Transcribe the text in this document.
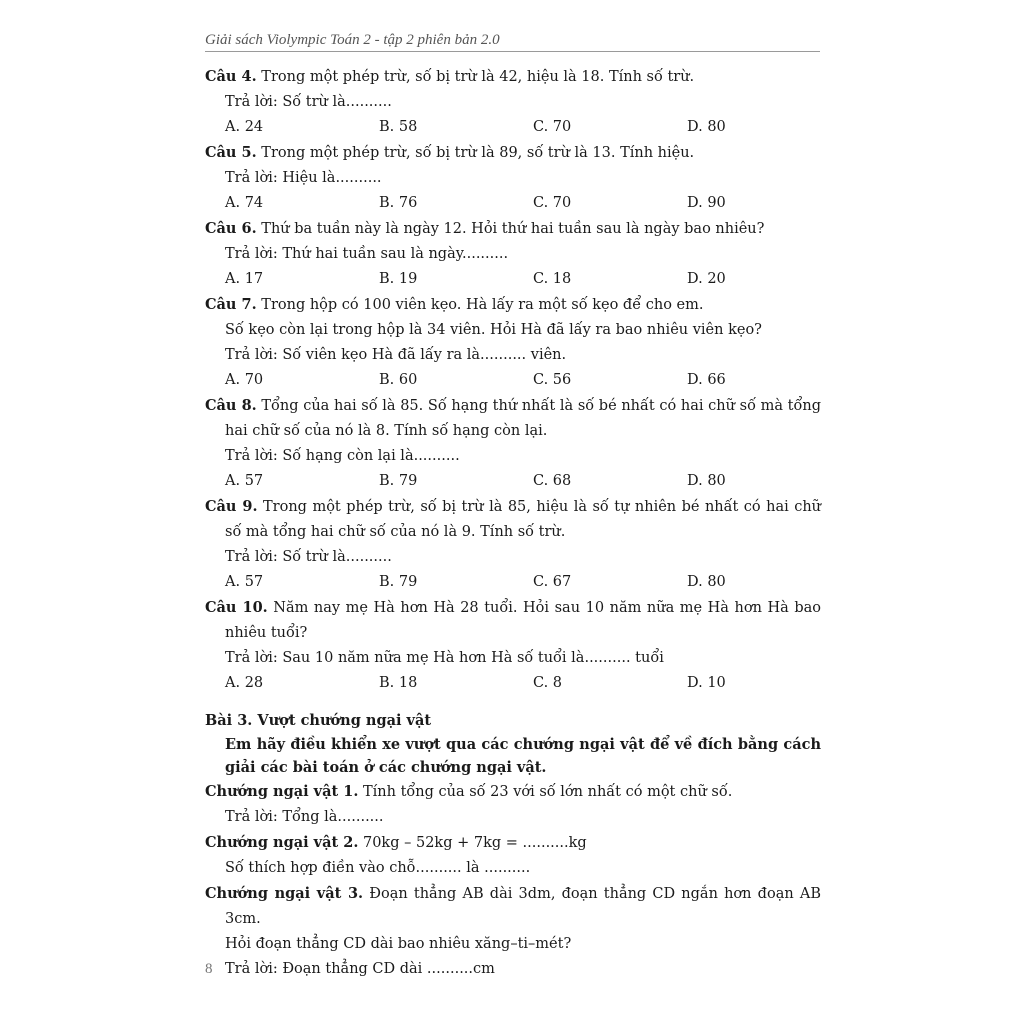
Giải sách Violympic Toán 2 - tập 2 phiên bản 2.0
Câu 4. Trong một phép trừ, số bị trừ là 42, hiệu là 18. Tính số trừ.
Trả lời: Số trừ là..........
A. 24	B. 58	C. 70	D. 80
Câu 5. Trong một phép trừ, số bị trừ là 89, số trừ là 13. Tính hiệu.
Trả lời: Hiệu là..........
A. 74	B. 76	C. 70	D. 90
Câu 6. Thứ ba tuần này là ngày 12. Hỏi thứ hai tuần sau là ngày bao nhiêu?
Trả lời: Thứ hai tuần sau là ngày..........
A. 17	B. 19	C. 18	D. 20
Câu 7. Trong hộp có 100 viên kẹo. Hà lấy ra một số kẹo để cho em.
Số kẹo còn lại trong hộp là 34 viên. Hỏi Hà đã lấy ra bao nhiêu viên kẹo?
Trả lời: Số viên kẹo Hà đã lấy ra là.......... viên.
A. 70	B. 60	C. 56	D. 66
Câu 8. Tổng của hai số là 85. Số hạng thứ nhất là số bé nhất có hai chữ số mà tổng hai chữ số của nó là 8. Tính số hạng còn lại.
Trả lời: Số hạng còn lại là..........
A. 57	B. 79	C. 68	D. 80
Câu 9. Trong một phép trừ, số bị trừ là 85, hiệu là số tự nhiên bé nhất có hai chữ số mà tổng hai chữ số của nó là 9. Tính số trừ.
Trả lời: Số trừ là..........
A. 57	B. 79	C. 67	D. 80
Câu 10. Năm nay mẹ Hà hơn Hà 28 tuổi. Hỏi sau 10 năm nữa mẹ Hà hơn Hà bao nhiêu tuổi?
Trả lời: Sau 10 năm nữa mẹ Hà hơn Hà số tuổi là.......... tuổi
A. 28	B. 18	C. 8	D. 10
Bài 3. Vượt chướng ngại vật
Em hãy điều khiển xe vượt qua các chướng ngại vật để về đích bằng cách giải các bài toán ở các chướng ngại vật.
Chướng ngại vật 1. Tính tổng của số 23 với số lớn nhất có một chữ số.
Trả lời: Tổng là..........
Chướng ngại vật 2. 70kg – 52kg + 7kg = ..........kg
Số thích hợp điền vào chỗ.......... là ..........
Chướng ngại vật 3. Đoạn thẳng AB dài 3dm, đoạn thẳng CD ngắn hơn đoạn AB 3cm.
Hỏi đoạn thẳng CD dài bao nhiêu xăng–ti–mét?
Trả lời: Đoạn thẳng CD dài ..........cm
8
